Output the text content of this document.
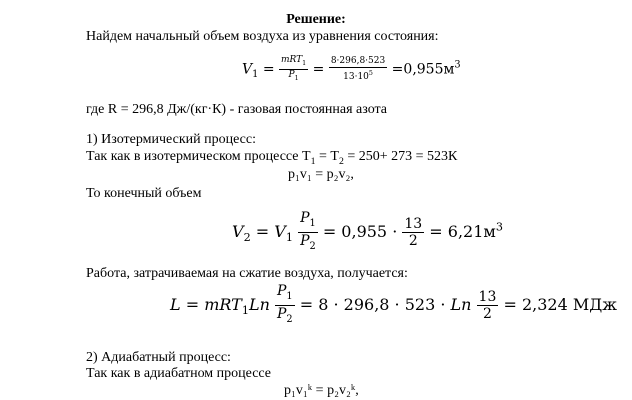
Решение:
Найдем начальный объем воздуха из уравнения состояния:
$V_1 = \frac{mRT_1}{P_1} = \frac{8\cdot 296,8\cdot 523}{13\cdot 10^5} =0,955м^3$
где R = 296,8 Дж/(кг·К) - газовая постоянная азота
1) Изотермический процесс:
Так как в изотермическом процессе $Т_1 = Т_2 = 250+ 273 = 523К$
p₁v₁ = p₂v₂,
То конечный объем
$V_2 = V_1 \frac{P_1}{P_2} = 0,955 \cdot \frac{13}{2} = 6,21м^3$
Работа, затрачиваемая на сжатие воздуха, получается:
$L = mRT_1Ln \frac{P_1}{P_2} = 8 \cdot 296,8 \cdot 523 \cdot Ln \frac{13}{2} = 2,324$ МДж
2) Адиабатный процесс:
Так как в адиабатном процессе
p₁v₁ᵏ = p₂v₂ᵏ,
